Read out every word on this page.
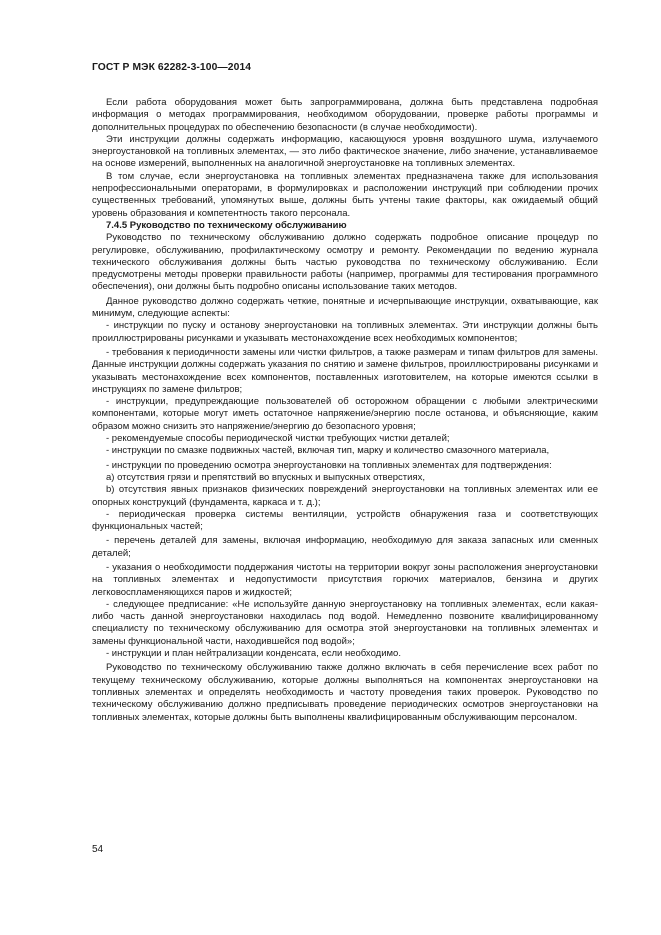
ГОСТ Р МЭК 62282-3-100—2014

Если работа оборудования может быть запрограммирована, должна быть представлена подробная информация о методах программирования, необходимом оборудовании, проверке работы программы и дополнительных процедурах по обеспечению безопасности (в случае необходимости).

Эти инструкции должны содержать информацию, касающуюся уровня воздушного шума, излучаемого энергоустановкой на топливных элементах, — это либо фактическое значение, либо значение, устанавливаемое на основе измерений, выполненных на аналогичной энергоустановке на топливных элементах.

В том случае, если энергоустановка на топливных элементах предназначена также для использования непрофессиональными операторами, в формулировках и расположении инструкций при соблюдении прочих существенных требований, упомянутых выше, должны быть учтены такие факторы, как ожидаемый общий уровень образования и компетентность такого персонала.

7.4.5 Руководство по техническому обслуживанию

Руководство по техническому обслуживанию должно содержать подробное описание процедур по регулировке, обслуживанию, профилактическому осмотру и ремонту. Рекомендации по ведению журнала технического обслуживания должны быть частью руководства по техническому обслуживанию. Если предусмотрены методы проверки правильности работы (например, программы для тестирования программного обеспечения), они должны быть подробно описаны использование таких методов.

Данное руководство должно содержать четкие, понятные и исчерпывающие инструкции, охватывающие, как минимум, следующие аспекты:

- инструкции по пуску и останову энергоустановки на топливных элементах. Эти инструкции должны быть проиллюстрированы рисунками и указывать местонахождение всех необходимых компонентов;

- требования к периодичности замены или чистки фильтров, а также размерам и типам фильтров для замены. Данные инструкции должны содержать указания по снятию и замене фильтров, проиллюстрированы рисунками и указывать местонахождение всех компонентов, поставленных изготовителем, на которые имеются ссылки в инструкциях по замене фильтров;

- инструкции, предупреждающие пользователей об осторожном обращении с любыми электрическими компонентами, которые могут иметь остаточное напряжение/энергию после останова, и объясняющие, каким образом можно снизить это напряжение/энергию до безопасного уровня;

- рекомендуемые способы периодической чистки требующих чистки деталей;

- инструкции по смазке подвижных частей, включая тип, марку и количество смазочного материала,

- инструкции по проведению осмотра энергоустановки на топливных элементах для подтверждения:

a) отсутствия грязи и препятствий во впускных и выпускных отверстиях,

b) отсутствия явных признаков физических повреждений энергоустановки на топливных элементах или ее опорных конструкций (фундамента, каркаса и т. д.);

- периодическая проверка системы вентиляции, устройств обнаружения газа и соответствующих функциональных частей;

- перечень деталей для замены, включая информацию, необходимую для заказа запасных или сменных деталей;

- указания о необходимости поддержания чистоты на территории вокруг зоны расположения энергоустановки на топливных элементах и недопустимости присутствия горючих материалов, бензина и других легковоспламеняющихся паров и жидкостей;

- следующее предписание: «Не используйте данную энергоустановку на топливных элементах, если какая-либо часть данной энергоустановки находилась под водой. Немедленно позвоните квалифицированному специалисту по техническому обслуживанию для осмотра этой энергоустановки на топливных элементах и замены функциональной части, находившейся под водой»;

- инструкции и план нейтрализации конденсата, если необходимо.

Руководство по техническому обслуживанию также должно включать в себя перечисление всех работ по текущему техническому обслуживанию, которые должны выполняться на компонентах энергоустановки на топливных элементах и определять необходимость и частоту проведения таких проверок. Руководство по техническому обслуживанию должно предписывать проведение периодических осмотров энергоустановки на топливных элементах, которые должны быть выполнены квалифицированным обслуживающим персоналом.

54
